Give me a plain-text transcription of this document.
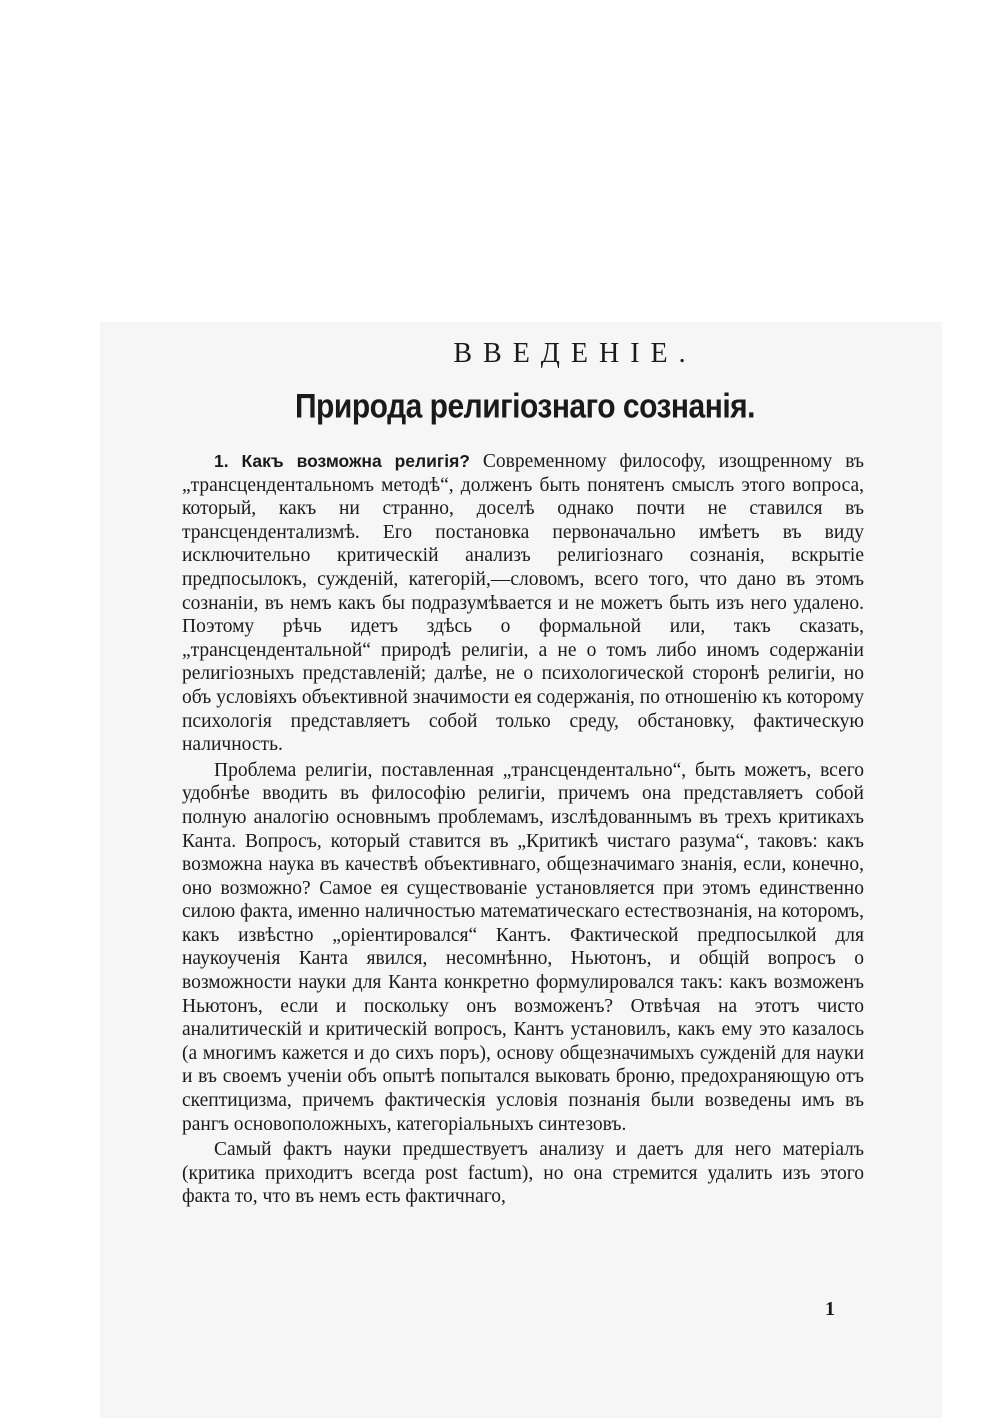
ВВЕДЕНІЕ.
Природа религіознаго сознанія.

1. Какъ возможна религія? Современному философу, изощренному въ „трансцендентальномъ методѣ“, долженъ быть понятенъ смыслъ этого вопроса, который, какъ ни странно, доселѣ однако почти не ставился въ трансцендентализмѣ. Его постановка первоначально имѣетъ въ виду исключительно критическій анализъ религіознаго сознанія, вскрытіе предпосылокъ, сужденій, категорій,—словомъ, всего того, что дано въ этомъ сознаніи, въ немъ какъ бы подразумѣвается и не можетъ быть изъ него удалено. Поэтому рѣчь идетъ здѣсь о формальной или, такъ сказать, „трансцендентальной“ природѣ религіи, а не о томъ либо иномъ содержаніи религіозныхъ представленій; далѣе, не о психологической сторонѣ религіи, но объ условіяхъ объективной значимости ея содержанія, по отношенію къ которому психологія представляетъ собой только среду, обстановку, фактическую наличность.

Проблема религіи, поставленная „трансцендентально“, быть можетъ, всего удобнѣе вводить въ философію религіи, причемъ она представляетъ собой полную аналогію основнымъ проблемамъ, изслѣдованнымъ въ трехъ критикахъ Канта. Вопросъ, который ставится въ „Критикѣ чистаго разума“, таковъ: какъ возможна наука въ качествѣ объективнаго, общезначимаго знанія, если, конечно, оно возможно? Самое ея существованіе установляется при этомъ единственно силою факта, именно наличностью математическаго естествознанія, на которомъ, какъ извѣстно „оріентировался“ Кантъ. Фактической предпосылкой для наукоученія Канта явился, несомнѣнно, Ньютонъ, и общій вопросъ о возможности науки для Канта конкретно формулировался такъ: какъ возможенъ Ньютонъ, если и поскольку онъ возможенъ? Отвѣчая на этотъ чисто аналитическій и критическій вопросъ, Кантъ установилъ, какъ ему это казалось (а многимъ кажется и до сихъ поръ), основу общезначимыхъ сужденій для науки и въ своемъ ученіи объ опытѣ попытался выковать броню, предохраняющую отъ скептицизма, причемъ фактическія условія познанія были возведены имъ въ рангъ основоположныхъ, категоріальныхъ синтезовъ.

Самый фактъ науки предшествуетъ анализу и даетъ для него матеріалъ (критика приходитъ всегда post factum), но она стремится удалить изъ этого факта то, что въ немъ есть фактичнаго,

1
